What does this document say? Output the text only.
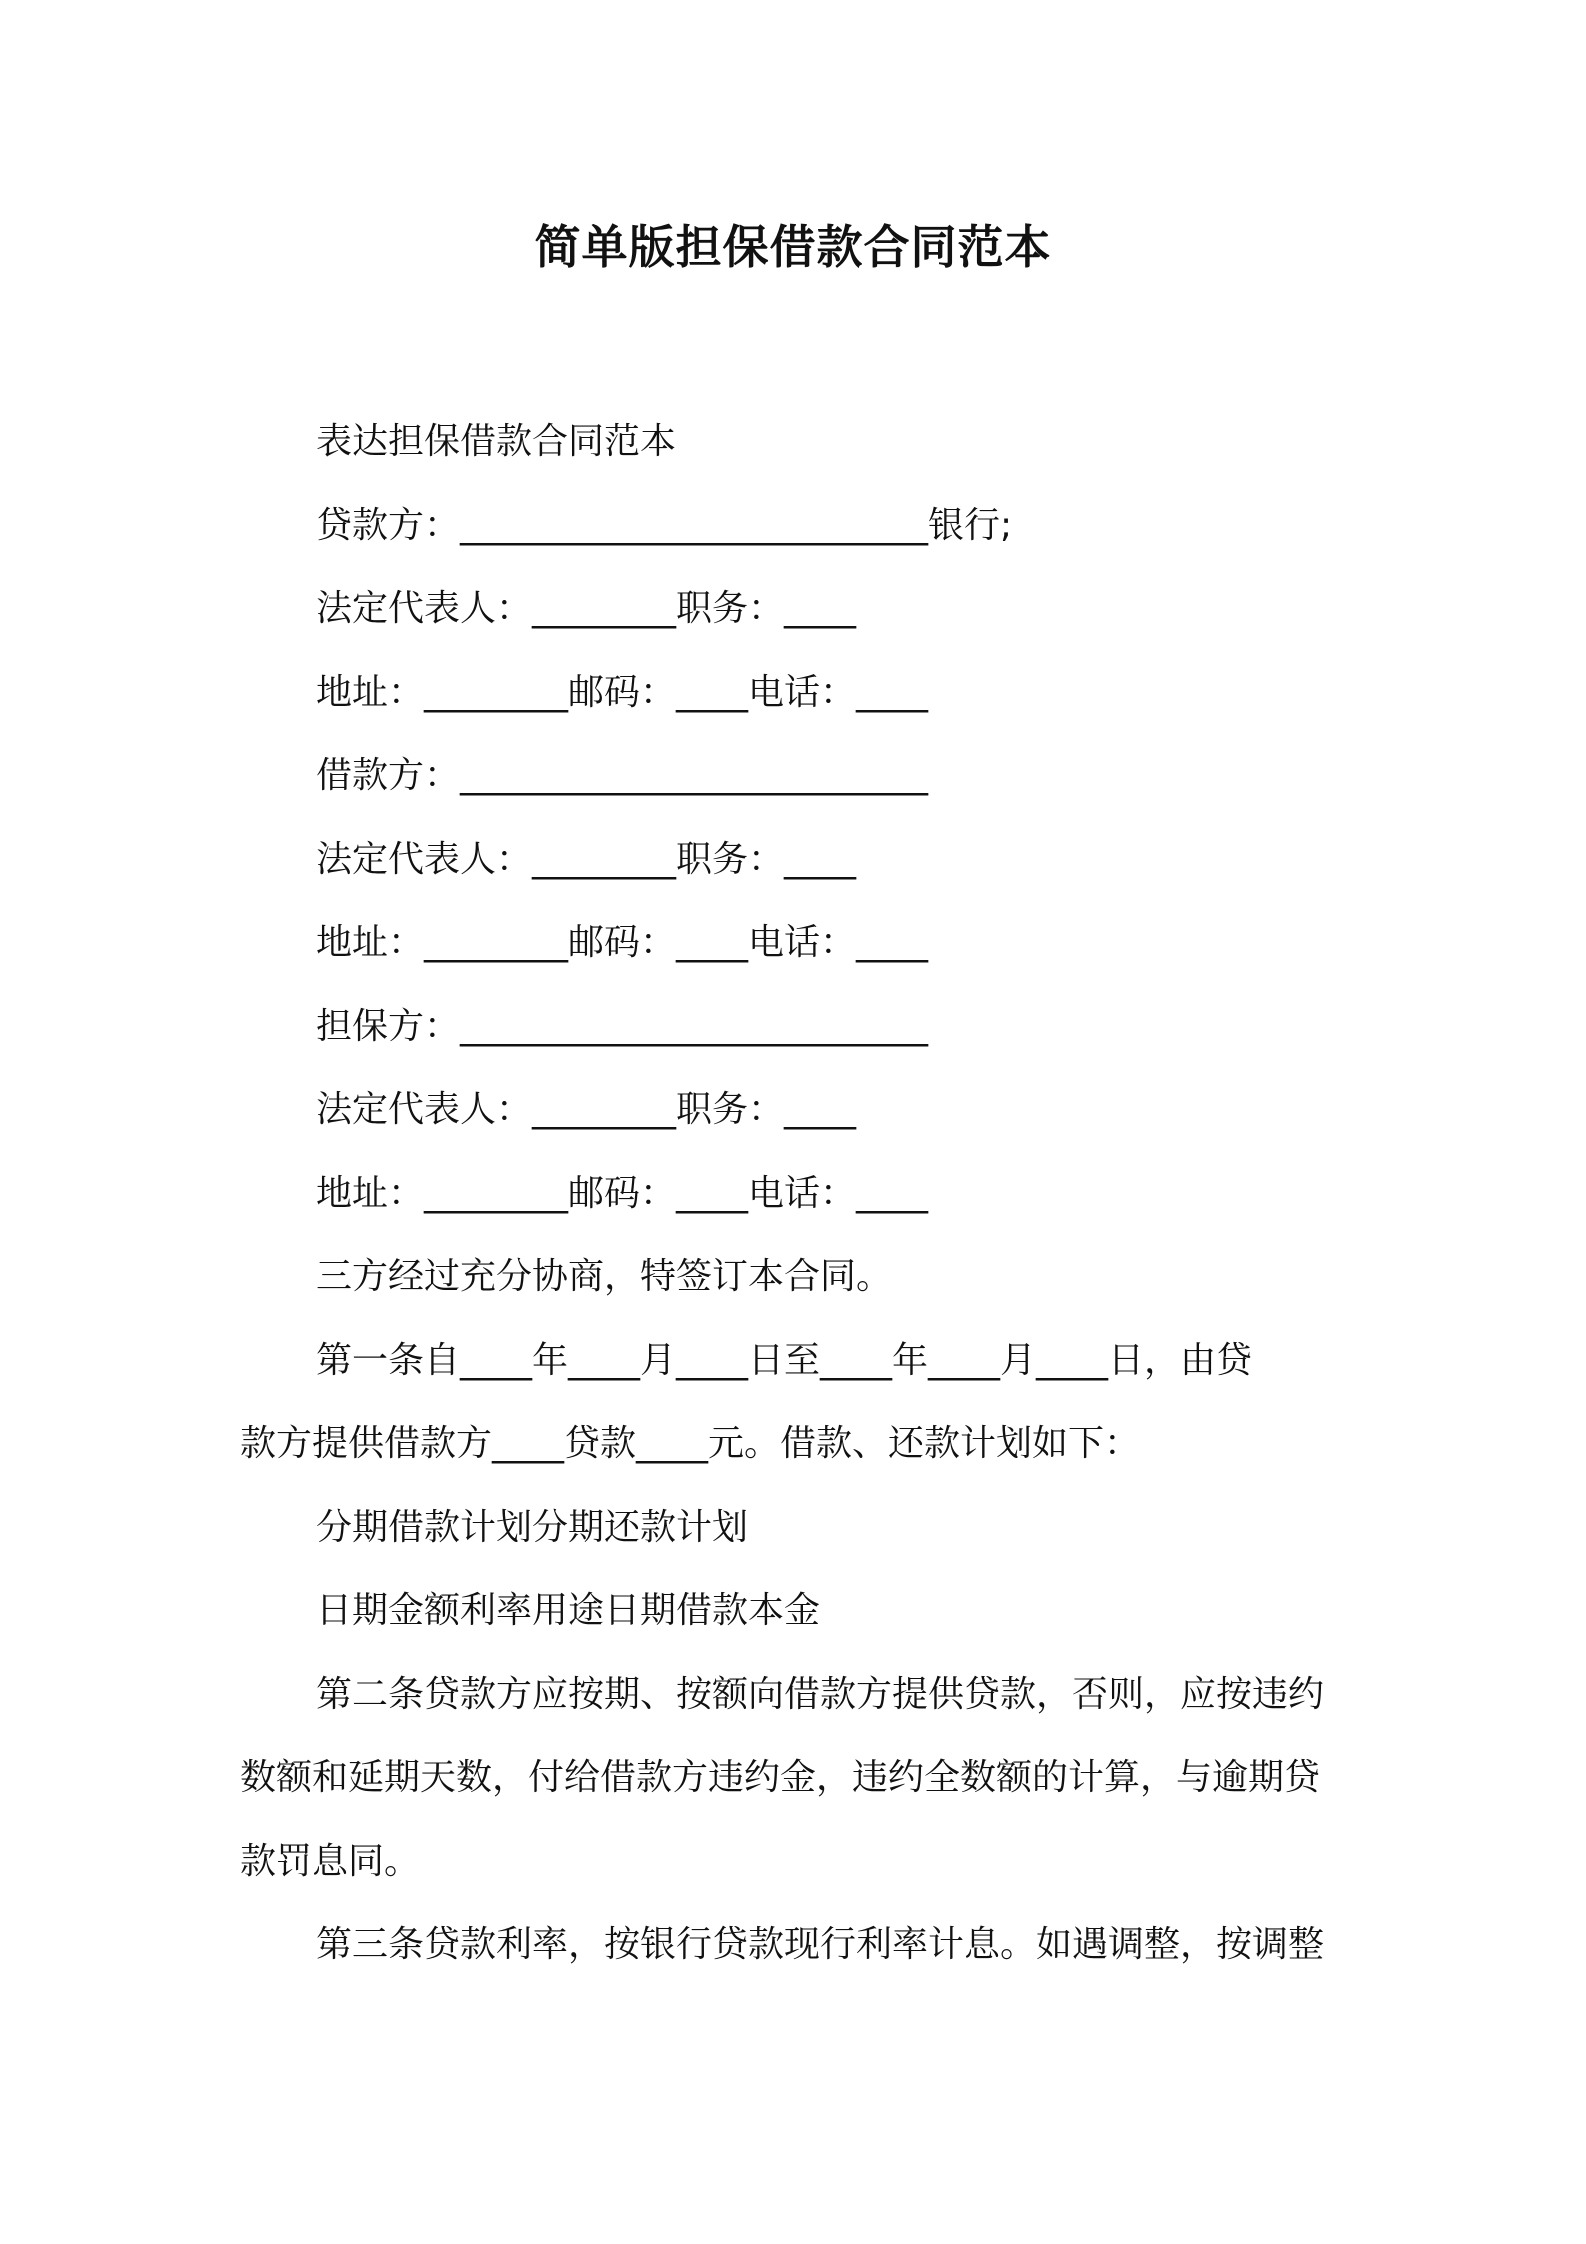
简单版担保借款合同范本
表达担保借款合同范本
贷款方：__________________________银行;
法定代表人：________职务：____
地址：________邮码：____电话：____
借款方：__________________________
法定代表人：________职务：____
地址：________邮码：____电话：____
担保方：__________________________
法定代表人：________职务：____
地址：________邮码：____电话：____
三方经过充分协商，特签订本合同。
第一条自____年____月____日至____年____月____日，由贷
款方提供借款方____贷款____元。借款、还款计划如下：
分期借款计划分期还款计划
日期金额利率用途日期借款本金
第二条贷款方应按期、按额向借款方提供贷款，否则，应按违约
数额和延期天数，付给借款方违约金，违约全数额的计算，与逾期贷
款罚息同。
第三条贷款利率，按银行贷款现行利率计息。如遇调整，按调整
